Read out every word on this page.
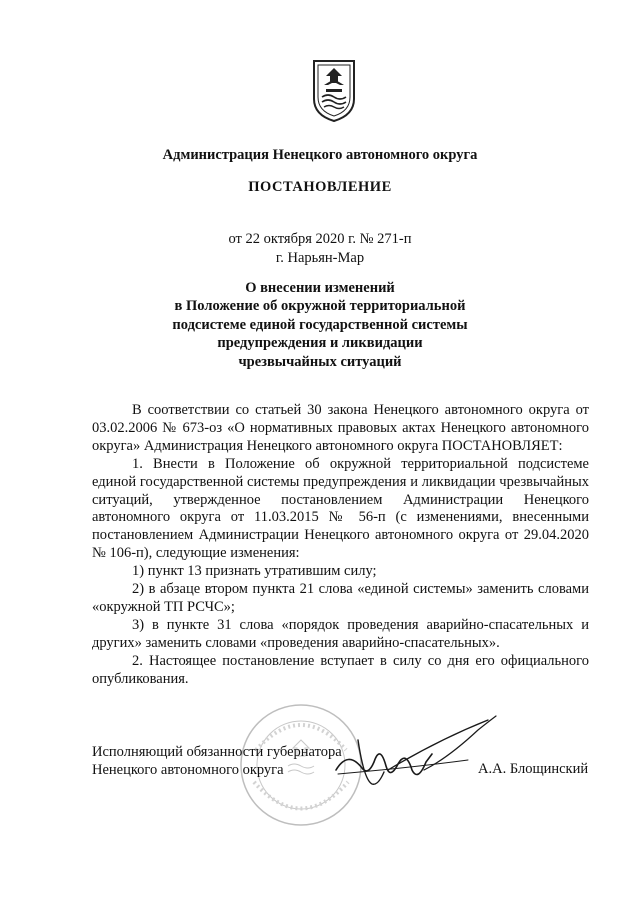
Администрация Ненецкого автономного округа
ПОСТАНОВЛЕНИЕ
от 22 октября 2020 г. № 271-п
г. Нарьян-Мар
О внесении изменений
в Положение об окружной территориальной
подсистеме единой государственной системы
предупреждения и ликвидации
чрезвычайных ситуаций

В соответствии со статьей 30 закона Ненецкого автономного округа от 03.02.2006 № 673-оз «О нормативных правовых актах Ненецкого автономного округа» Администрация Ненецкого автономного округа ПОСТАНОВЛЯЕТ:

1. Внести в Положение об окружной территориальной подсистеме единой государственной системы предупреждения и ликвидации чрезвычайных ситуаций, утвержденное постановлением Администрации Ненецкого автономного округа от 11.03.2015 № 56-п (с изменениями, внесенными постановлением Администрации Ненецкого автономного округа от 29.04.2020 № 106-п), следующие изменения:

1) пункт 13 признать утратившим силу;

2) в абзаце втором пункта 21 слова «единой системы» заменить словами «окружной ТП РСЧС»;

3) в пункте 31 слова «порядок проведения аварийно-спасательных и других» заменить словами «проведения аварийно-спасательных».

2. Настоящее постановление вступает в силу со дня его официального опубликования.

Исполняющий обязанности губернатора
Ненецкого автономного округа	А.А. Блощинский
